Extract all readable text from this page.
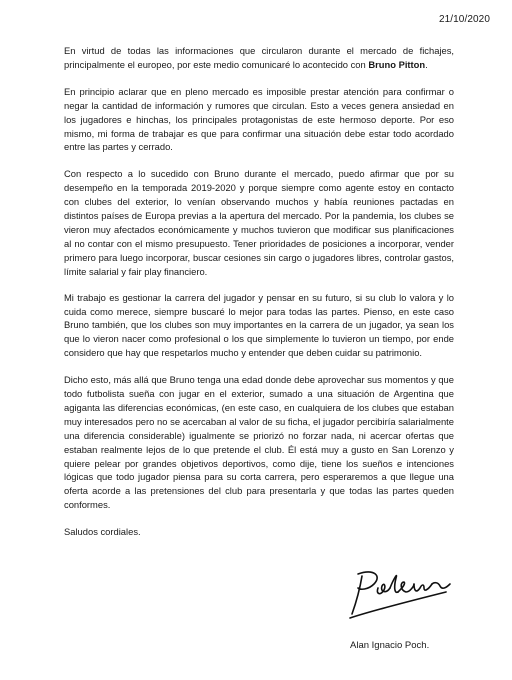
21/10/2020

En virtud de todas las informaciones que circularon durante el mercado de fichajes, principalmente el europeo, por este medio comunicaré lo acontecido con Bruno Pitton.

En principio aclarar que en pleno mercado es imposible prestar atención para confirmar o negar la cantidad de información y rumores que circulan. Esto a veces genera ansiedad en los jugadores e hinchas, los principales protagonistas de este hermoso deporte. Por eso mismo, mi forma de trabajar es que para confirmar una situación debe estar todo acordado entre las partes y cerrado.

Con respecto a lo sucedido con Bruno durante el mercado, puedo afirmar que por su desempeño en la temporada 2019-2020 y porque siempre como agente estoy en contacto con clubes del exterior, lo venían observando muchos y había reuniones pactadas en distintos países de Europa previas a la apertura del mercado. Por la pandemia, los clubes se vieron muy afectados económicamente y muchos tuvieron que modificar sus planificaciones al no contar con el mismo presupuesto. Tener prioridades de posiciones a incorporar, vender primero para luego incorporar, buscar cesiones sin cargo o jugadores libres, controlar gastos, límite salarial y fair play financiero.

Mi trabajo es gestionar la carrera del jugador y pensar en su futuro, si su club lo valora y lo cuida como merece, siempre buscaré lo mejor para todas las partes. Pienso, en este caso Bruno también, que los clubes son muy importantes en la carrera de un jugador, ya sean los que lo vieron nacer como profesional o los que simplemente lo tuvieron un tiempo, por ende considero que hay que respetarlos mucho y entender que deben cuidar su patrimonio.

Dicho esto, más allá que Bruno tenga una edad donde debe aprovechar sus momentos y que todo futbolista sueña con jugar en el exterior, sumado a una situación de Argentina que agiganta las diferencias económicas, (en este caso, en cualquiera de los clubes que estaban muy interesados pero no se acercaban al valor de su ficha, el jugador percibiría salarialmente una diferencia considerable) igualmente se priorizó no forzar nada, ni acercar ofertas que estaban realmente lejos de lo que pretende el club. Él está muy a gusto en San Lorenzo y quiere pelear por grandes objetivos deportivos, como dije, tiene los sueños e intenciones lógicas que todo jugador piensa para su corta carrera, pero esperaremos a que llegue una oferta acorde a las pretensiones del club para presentarla y que todas las partes queden conformes.

Saludos cordiales.

Alan Ignacio Poch.
